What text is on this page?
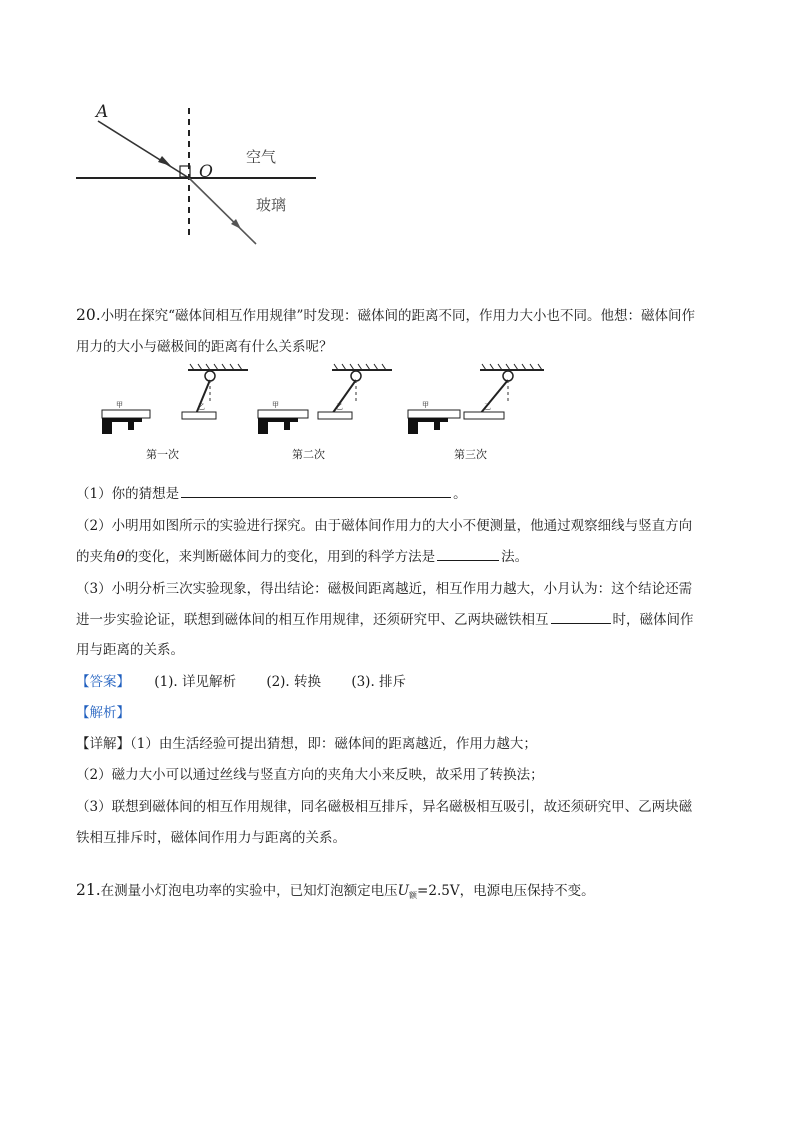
A
O
空气
玻璃
20.小明在探究“磁体间相互作用规律”时发现：磁体间的距离不同，作用力大小也不同。他想：磁体间作
用力的大小与磁极间的距离有什么关系呢？
甲	乙	甲	乙	甲	乙
第一次	第二次	第三次
（1）你的猜想是	。
（2）小明用如图所示的实验进行探究。由于磁体间作用力的大小不便测量，他通过观察细线与竖直方向
的夹角θ的变化，来判断磁体间力的变化，用到的科学方法是	法。
（3）小明分析三次实验现象，得出结论：磁极间距离越近，相互作用力越大，小月认为：这个结论还需
进一步实验论证，联想到磁体间的相互作用规律，还须研究甲、乙两块磁铁相互	时，磁体间作
用与距离的关系。
【答案】 (1). 详见解析 (2). 转换 (3). 排斥
【解析】
【详解】（1）由生活经验可提出猜想，即：磁体间的距离越近，作用力越大；
（2）磁力大小可以通过丝线与竖直方向的夹角大小来反映，故采用了转换法；
（3）联想到磁体间的相互作用规律，同名磁极相互排斥，异名磁极相互吸引，故还须研究甲、乙两块磁
铁相互排斥时，磁体间作用力与距离的关系。
21.在测量小灯泡电功率的实验中，已知灯泡额定电压$U_额=2.5V$，电源电压保持不变。
